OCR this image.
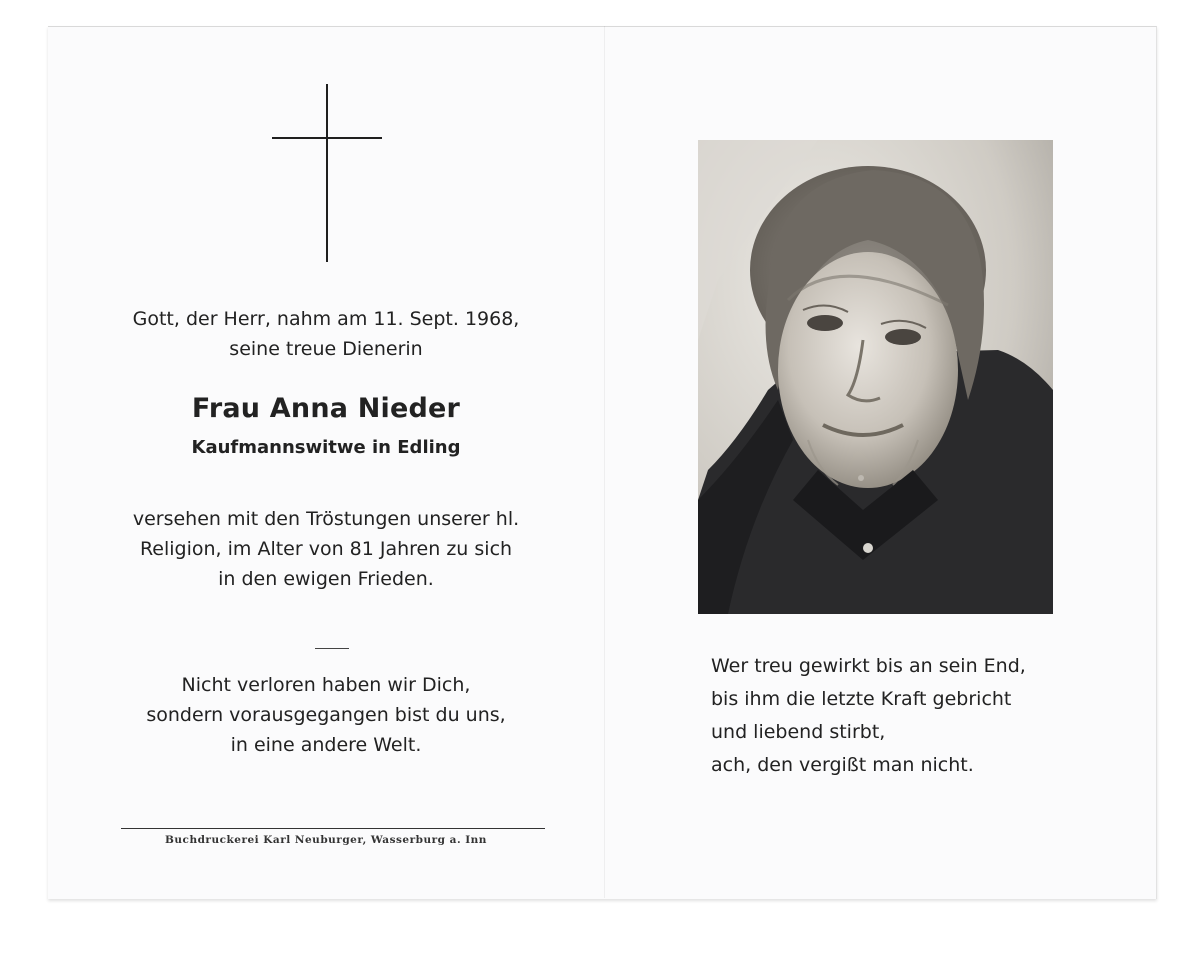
Gott, der Herr, nahm am 11. Sept. 1968,
seine treue Dienerin
Frau Anna Nieder
Kaufmannswitwe in Edling
versehen mit den Tröstungen unserer hl.
Religion, im Alter von 81 Jahren zu sich
in den ewigen Frieden.
Nicht verloren haben wir Dich,
sondern vorausgegangen bist du uns,
in eine andere Welt.
Buchdruckerei Karl Neuburger, Wasserburg a. Inn
Wer treu gewirkt bis an sein End,
bis ihm die letzte Kraft gebricht
und liebend stirbt,
ach, den vergißt man nicht.
